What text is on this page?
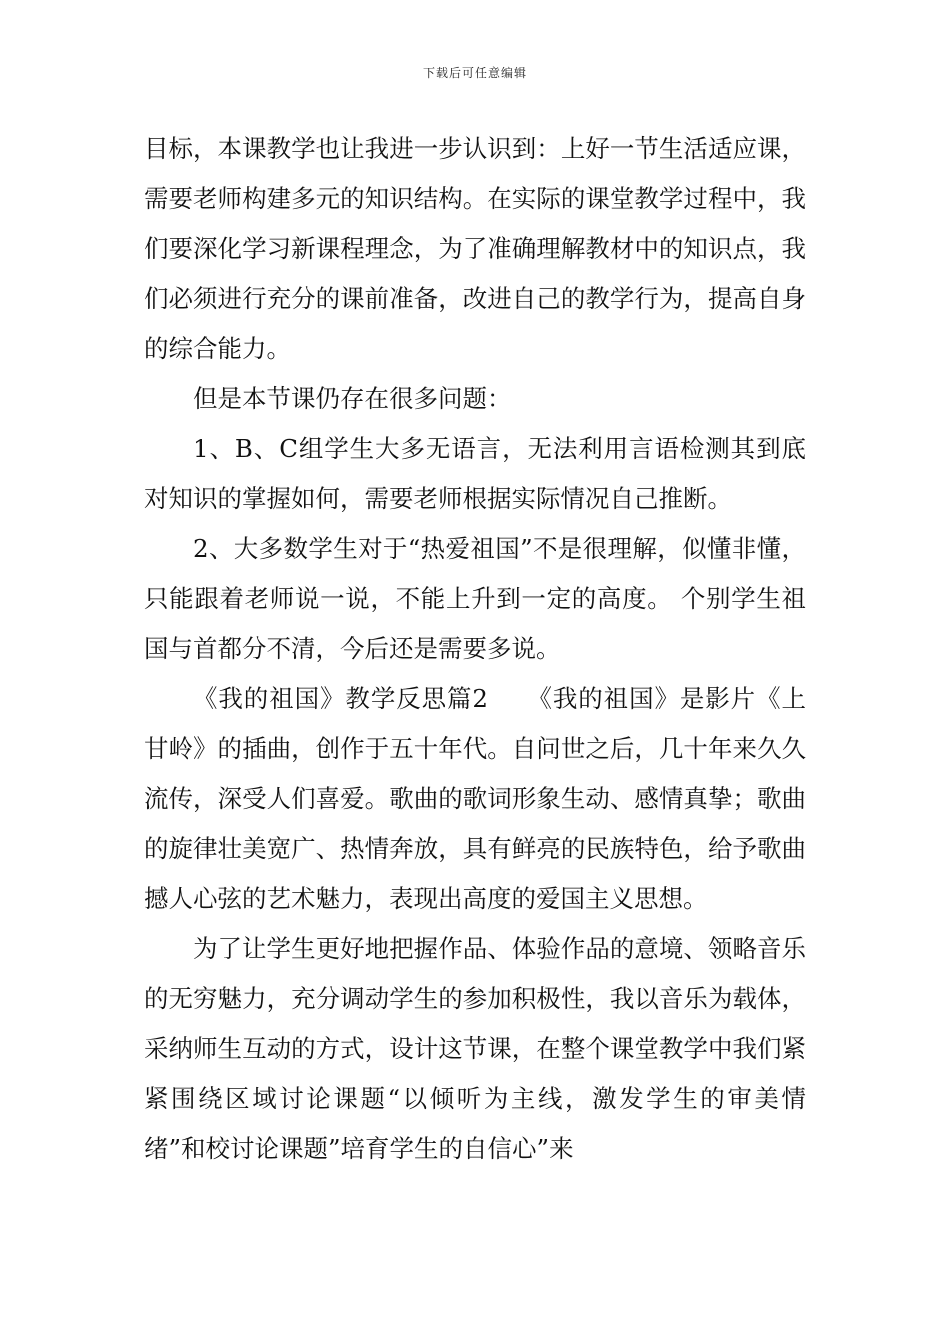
下载后可任意编辑

目标，本课教学也让我进一步认识到：上好一节生活适应课，需要老师构建多元的知识结构。在实际的课堂教学过程中，我们要深化学习新课程理念，为了准确理解教材中的知识点，我们必须进行充分的课前准备，改进自己的教学行为，提高自身的综合能力。

但是本节课仍存在很多问题：

1、B、C组学生大多无语言，无法利用言语检测其到底对知识的掌握如何，需要老师根据实际情况自己推断。

2、大多数学生对于“热爱祖国”不是很理解，似懂非懂，只能跟着老师说一说，不能上升到一定的高度。 个别学生祖国与首都分不清，今后还是需要多说。

《我的祖国》教学反思篇2　　《我的祖国》是影片《上甘岭》的插曲，创作于五十年代。自问世之后，几十年来久久流传，深受人们喜爱。歌曲的歌词形象生动、感情真挚；歌曲的旋律壮美宽广、热情奔放，具有鲜亮的民族特色，给予歌曲撼人心弦的艺术魅力，表现出高度的爱国主义思想。

为了让学生更好地把握作品、体验作品的意境、领略音乐的无穷魅力，充分调动学生的参加积极性，我以音乐为载体，采纳师生互动的方式，设计这节课，在整个课堂教学中我们紧紧围绕区域讨论课题“以倾听为主线，激发学生的审美情绪”和校讨论课题”培育学生的自信心”来
